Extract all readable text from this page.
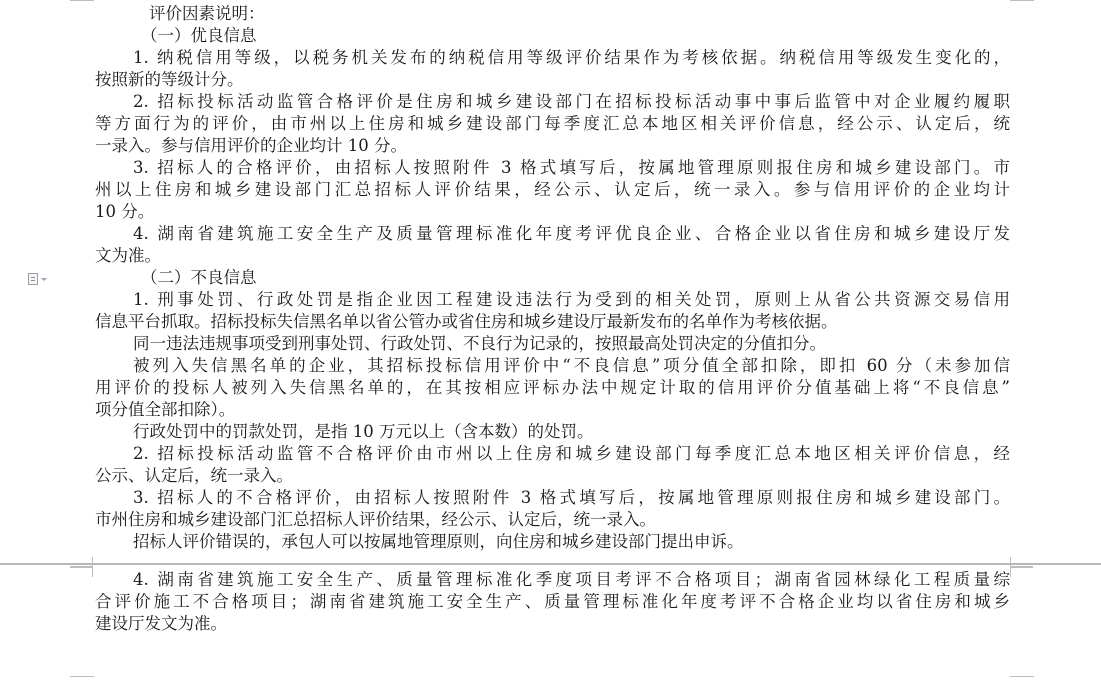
评价因素说明：
（一）优良信息
1. 纳税信用等级，以税务机关发布的纳税信用等级评价结果作为考核依据。纳税信用等级发生变化的，
按照新的等级计分。
2. 招标投标活动监管合格评价是住房和城乡建设部门在招标投标活动事中事后监管中对企业履约履职
等方面行为的评价，由市州以上住房和城乡建设部门每季度汇总本地区相关评价信息，经公示、认定后，统
一录入。参与信用评价的企业均计 10 分。
3. 招标人的合格评价，由招标人按照附件 3 格式填写后，按属地管理原则报住房和城乡建设部门。市
州以上住房和城乡建设部门汇总招标人评价结果，经公示、认定后，统一录入。参与信用评价的企业均计
10 分。
4. 湖南省建筑施工安全生产及质量管理标准化年度考评优良企业、合格企业以省住房和城乡建设厅发
文为准。
（二）不良信息
1. 刑事处罚、行政处罚是指企业因工程建设违法行为受到的相关处罚，原则上从省公共资源交易信用
信息平台抓取。招标投标失信黑名单以省公管办或省住房和城乡建设厅最新发布的名单作为考核依据。
同一违法违规事项受到刑事处罚、行政处罚、不良行为记录的，按照最高处罚决定的分值扣分。
被列入失信黑名单的企业，其招标投标信用评价中“不良信息”项分值全部扣除，即扣 60 分（未参加信
用评价的投标人被列入失信黑名单的，在其按相应评标办法中规定计取的信用评价分值基础上将“不良信息”
项分值全部扣除）。
行政处罚中的罚款处罚，是指 10 万元以上（含本数）的处罚。
2. 招标投标活动监管不合格评价由市州以上住房和城乡建设部门每季度汇总本地区相关评价信息，经
公示、认定后，统一录入。
3. 招标人的不合格评价，由招标人按照附件 3 格式填写后，按属地管理原则报住房和城乡建设部门。
市州住房和城乡建设部门汇总招标人评价结果，经公示、认定后，统一录入。
招标人评价错误的，承包人可以按属地管理原则，向住房和城乡建设部门提出申诉。
4. 湖南省建筑施工安全生产、质量管理标准化季度项目考评不合格项目；湖南省园林绿化工程质量综
合评价施工不合格项目；湖南省建筑施工安全生产、质量管理标准化年度考评不合格企业均以省住房和城乡
建设厅发文为准。
